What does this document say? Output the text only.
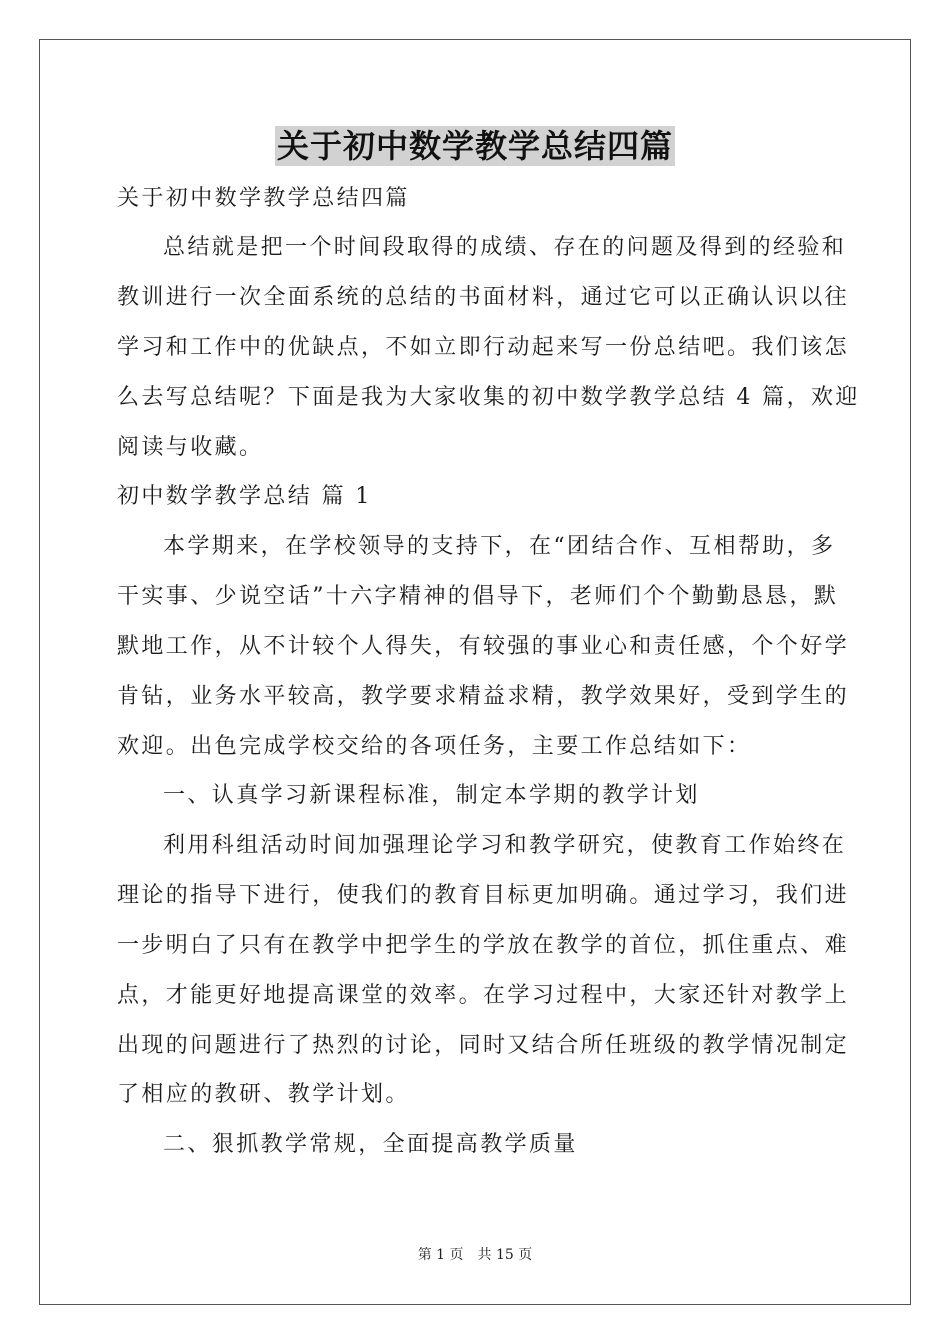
关于初中数学教学总结四篇
关于初中数学教学总结四篇
总结就是把一个时间段取得的成绩、存在的问题及得到的经验和
教训进行一次全面系统的总结的书面材料，通过它可以正确认识以往
学习和工作中的优缺点，不如立即行动起来写一份总结吧。我们该怎
么去写总结呢？下面是我为大家收集的初中数学教学总结 4 篇，欢迎
阅读与收藏。
初中数学教学总结 篇 1
本学期来，在学校领导的支持下，在“团结合作、互相帮助，多
干实事、少说空话”十六字精神的倡导下，老师们个个勤勤恳恳，默
默地工作，从不计较个人得失，有较强的事业心和责任感，个个好学
肯钻，业务水平较高，教学要求精益求精，教学效果好，受到学生的
欢迎。出色完成学校交给的各项任务，主要工作总结如下：
一、认真学习新课程标准，制定本学期的教学计划
利用科组活动时间加强理论学习和教学研究，使教育工作始终在
理论的指导下进行，使我们的教育目标更加明确。通过学习，我们进
一步明白了只有在教学中把学生的学放在教学的首位，抓住重点、难
点，才能更好地提高课堂的效率。在学习过程中，大家还针对教学上
出现的问题进行了热烈的讨论，同时又结合所任班级的教学情况制定
了相应的教研、教学计划。
二、狠抓教学常规，全面提高教学质量
第 1 页 共 15 页
